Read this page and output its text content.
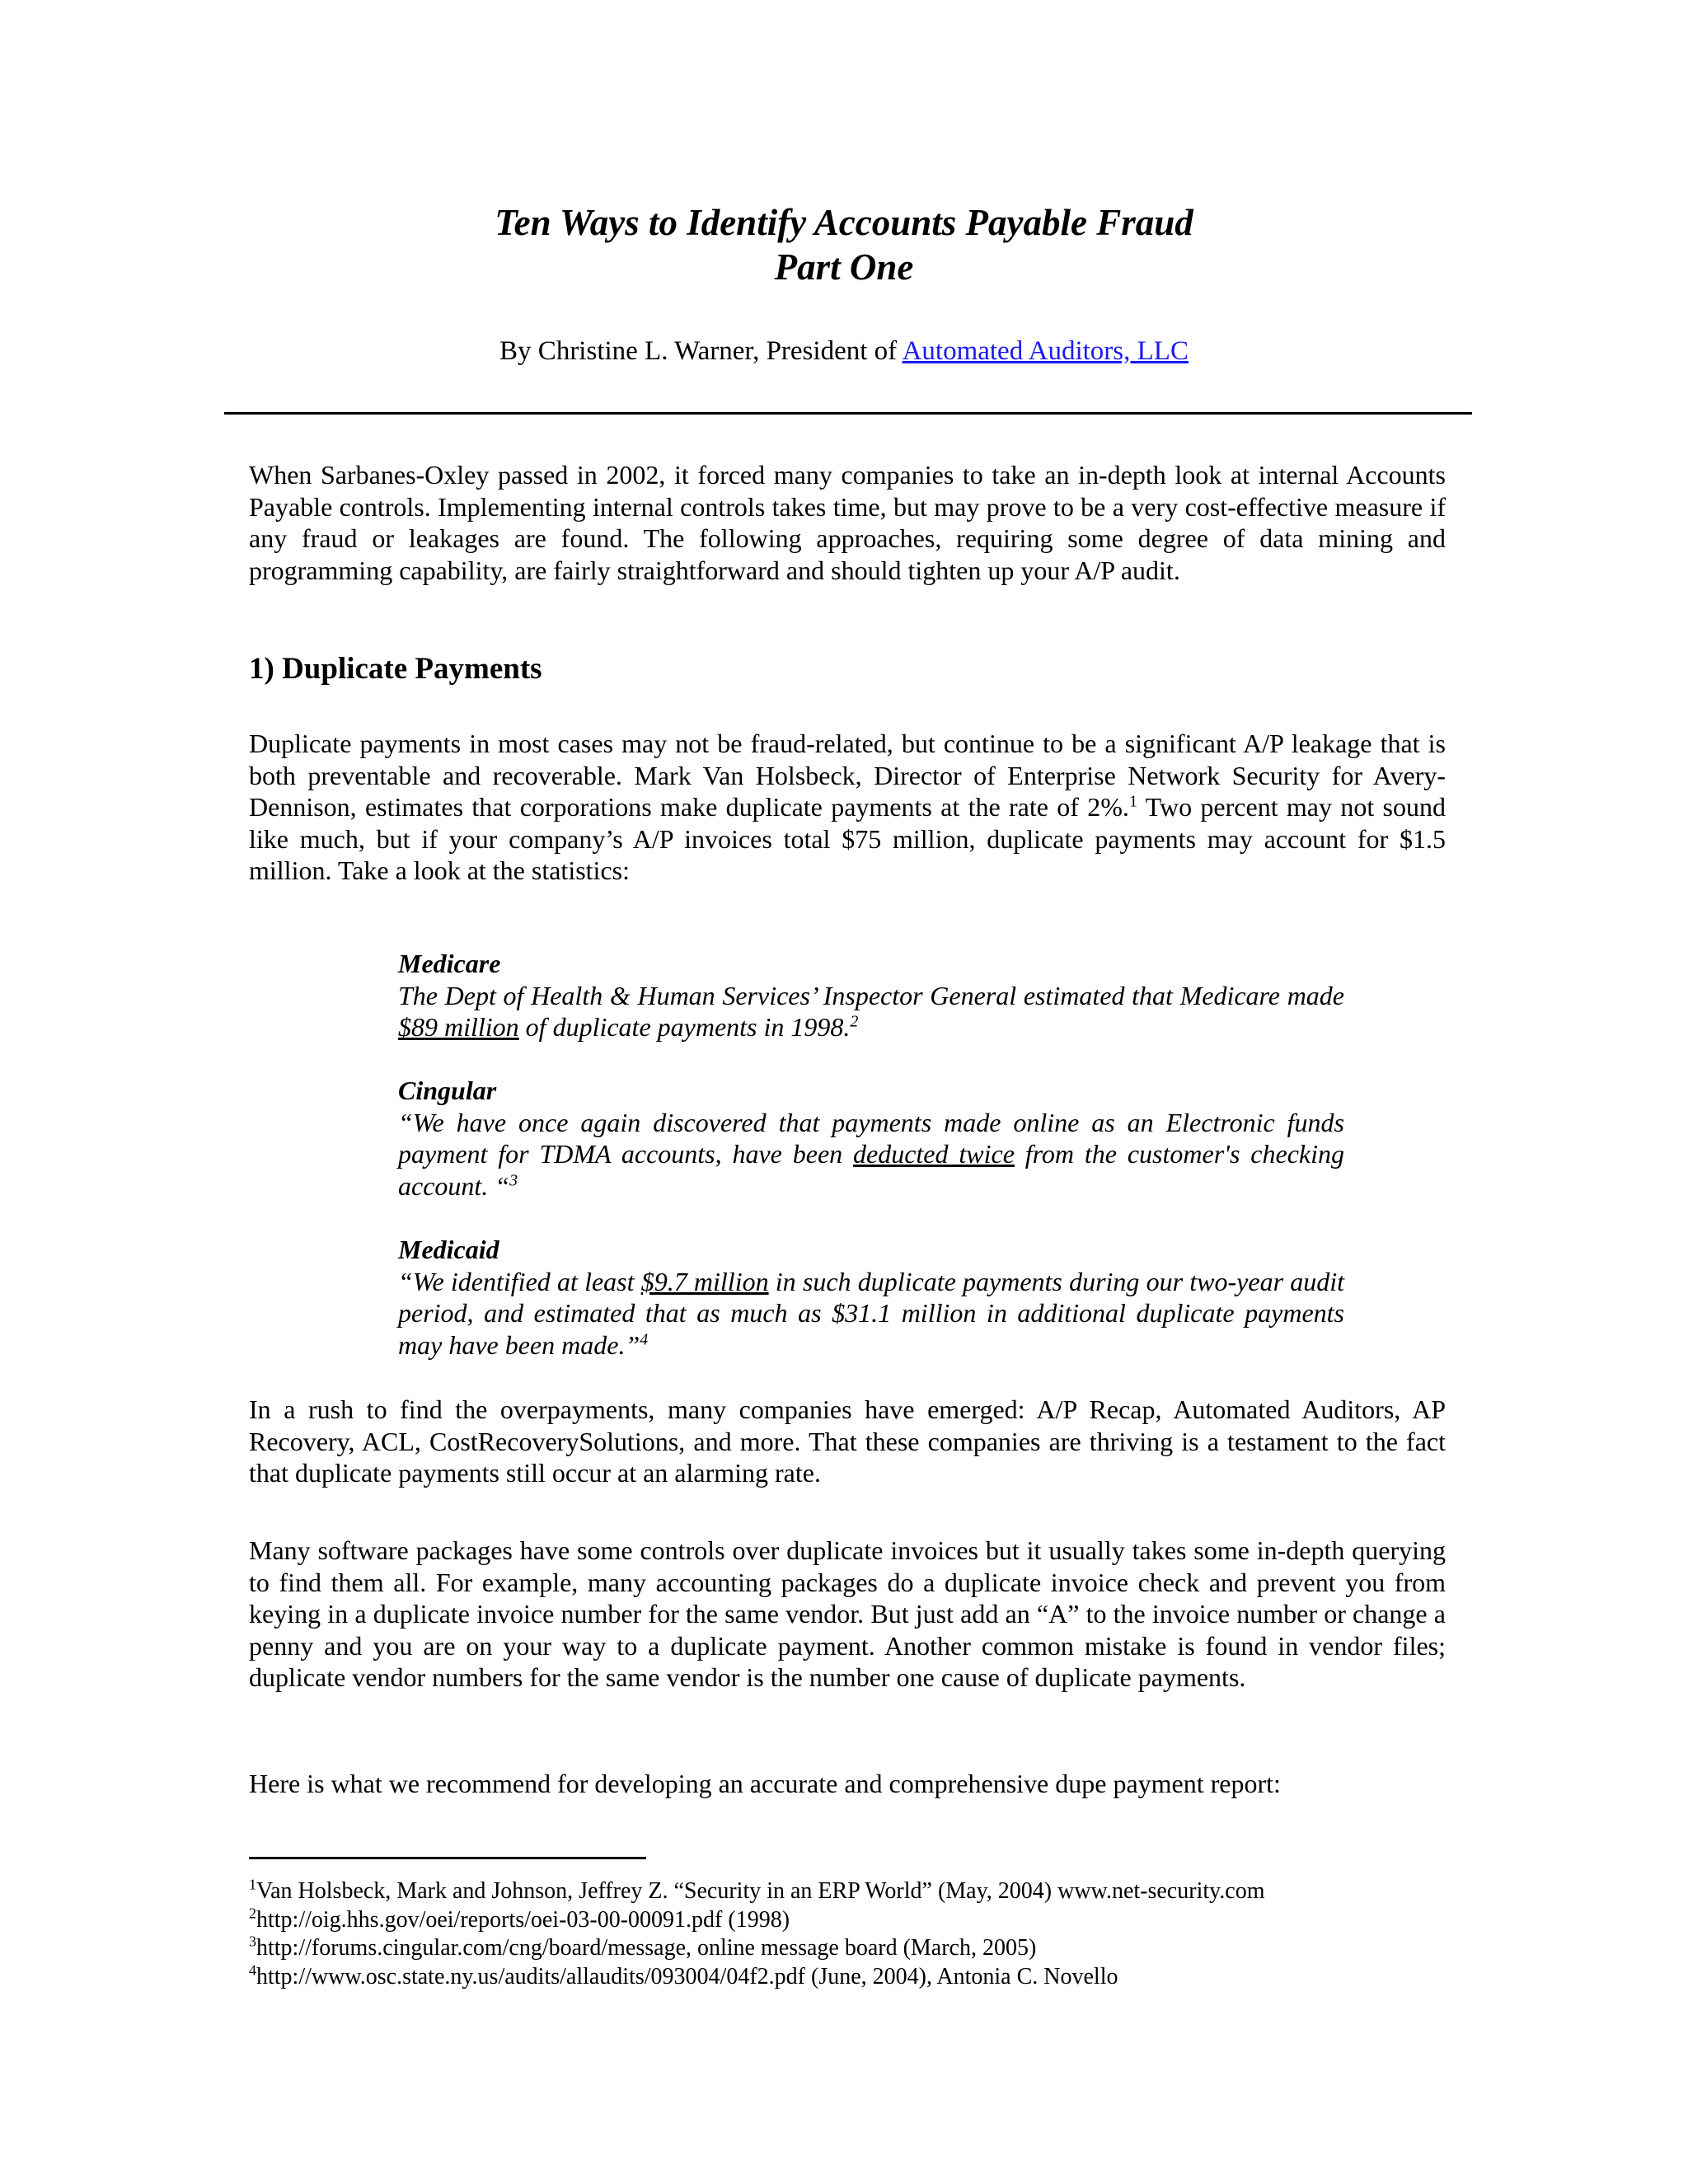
Ten Ways to Identify Accounts Payable Fraud
Part One

By Christine L. Warner, President of Automated Auditors, LLC

When Sarbanes-Oxley passed in 2002, it forced many companies to take an in-depth look at internal Accounts Payable controls. Implementing internal controls takes time, but may prove to be a very cost-effective measure if any fraud or leakages are found. The following approaches, requiring some degree of data mining and programming capability, are fairly straightforward and should tighten up your A/P audit.

1) Duplicate Payments

Duplicate payments in most cases may not be fraud-related, but continue to be a significant A/P leakage that is both preventable and recoverable. Mark Van Holsbeck, Director of Enterprise Network Security for Avery-Dennison, estimates that corporations make duplicate payments at the rate of 2%.$^1$ Two percent may not sound like much, but if your company’s A/P invoices total $75 million, duplicate payments may account for $1.5 million. Take a look at the statistics:

Medicare
The Dept of Health & Human Services’ Inspector General estimated that Medicare made $89 million of duplicate payments in 1998.$^2$
Cingular
“We have once again discovered that payments made online as an Electronic funds payment for TDMA accounts, have been deducted twice from the customer's checking account. “$^3$
Medicaid
“We identified at least $9.7 million in such duplicate payments during our two-year audit period, and estimated that as much as $31.1 million in additional duplicate payments may have been made.”$^4$

In a rush to find the overpayments, many companies have emerged: A/P Recap, Automated Auditors, AP Recovery, ACL, CostRecoverySolutions, and more. That these companies are thriving is a testament to the fact that duplicate payments still occur at an alarming rate.

Many software packages have some controls over duplicate invoices but it usually takes some in-depth querying to find them all. For example, many accounting packages do a duplicate invoice check and prevent you from keying in a duplicate invoice number for the same vendor. But just add an “A” to the invoice number or change a penny and you are on your way to a duplicate payment. Another common mistake is found in vendor files; duplicate vendor numbers for the same vendor is the number one cause of duplicate payments.

Here is what we recommend for developing an accurate and comprehensive dupe payment report:

$^1$Van Holsbeck, Mark and Johnson, Jeffrey Z. “Security in an ERP World” (May, 2004) www.net-security.com
$^2$http://oig.hhs.gov/oei/reports/oei-03-00-00091.pdf (1998)
$^3$http://forums.cingular.com/cng/board/message, online message board (March, 2005)
$^4$http://www.osc.state.ny.us/audits/allaudits/093004/04f2.pdf (June, 2004), Antonia C. Novello
